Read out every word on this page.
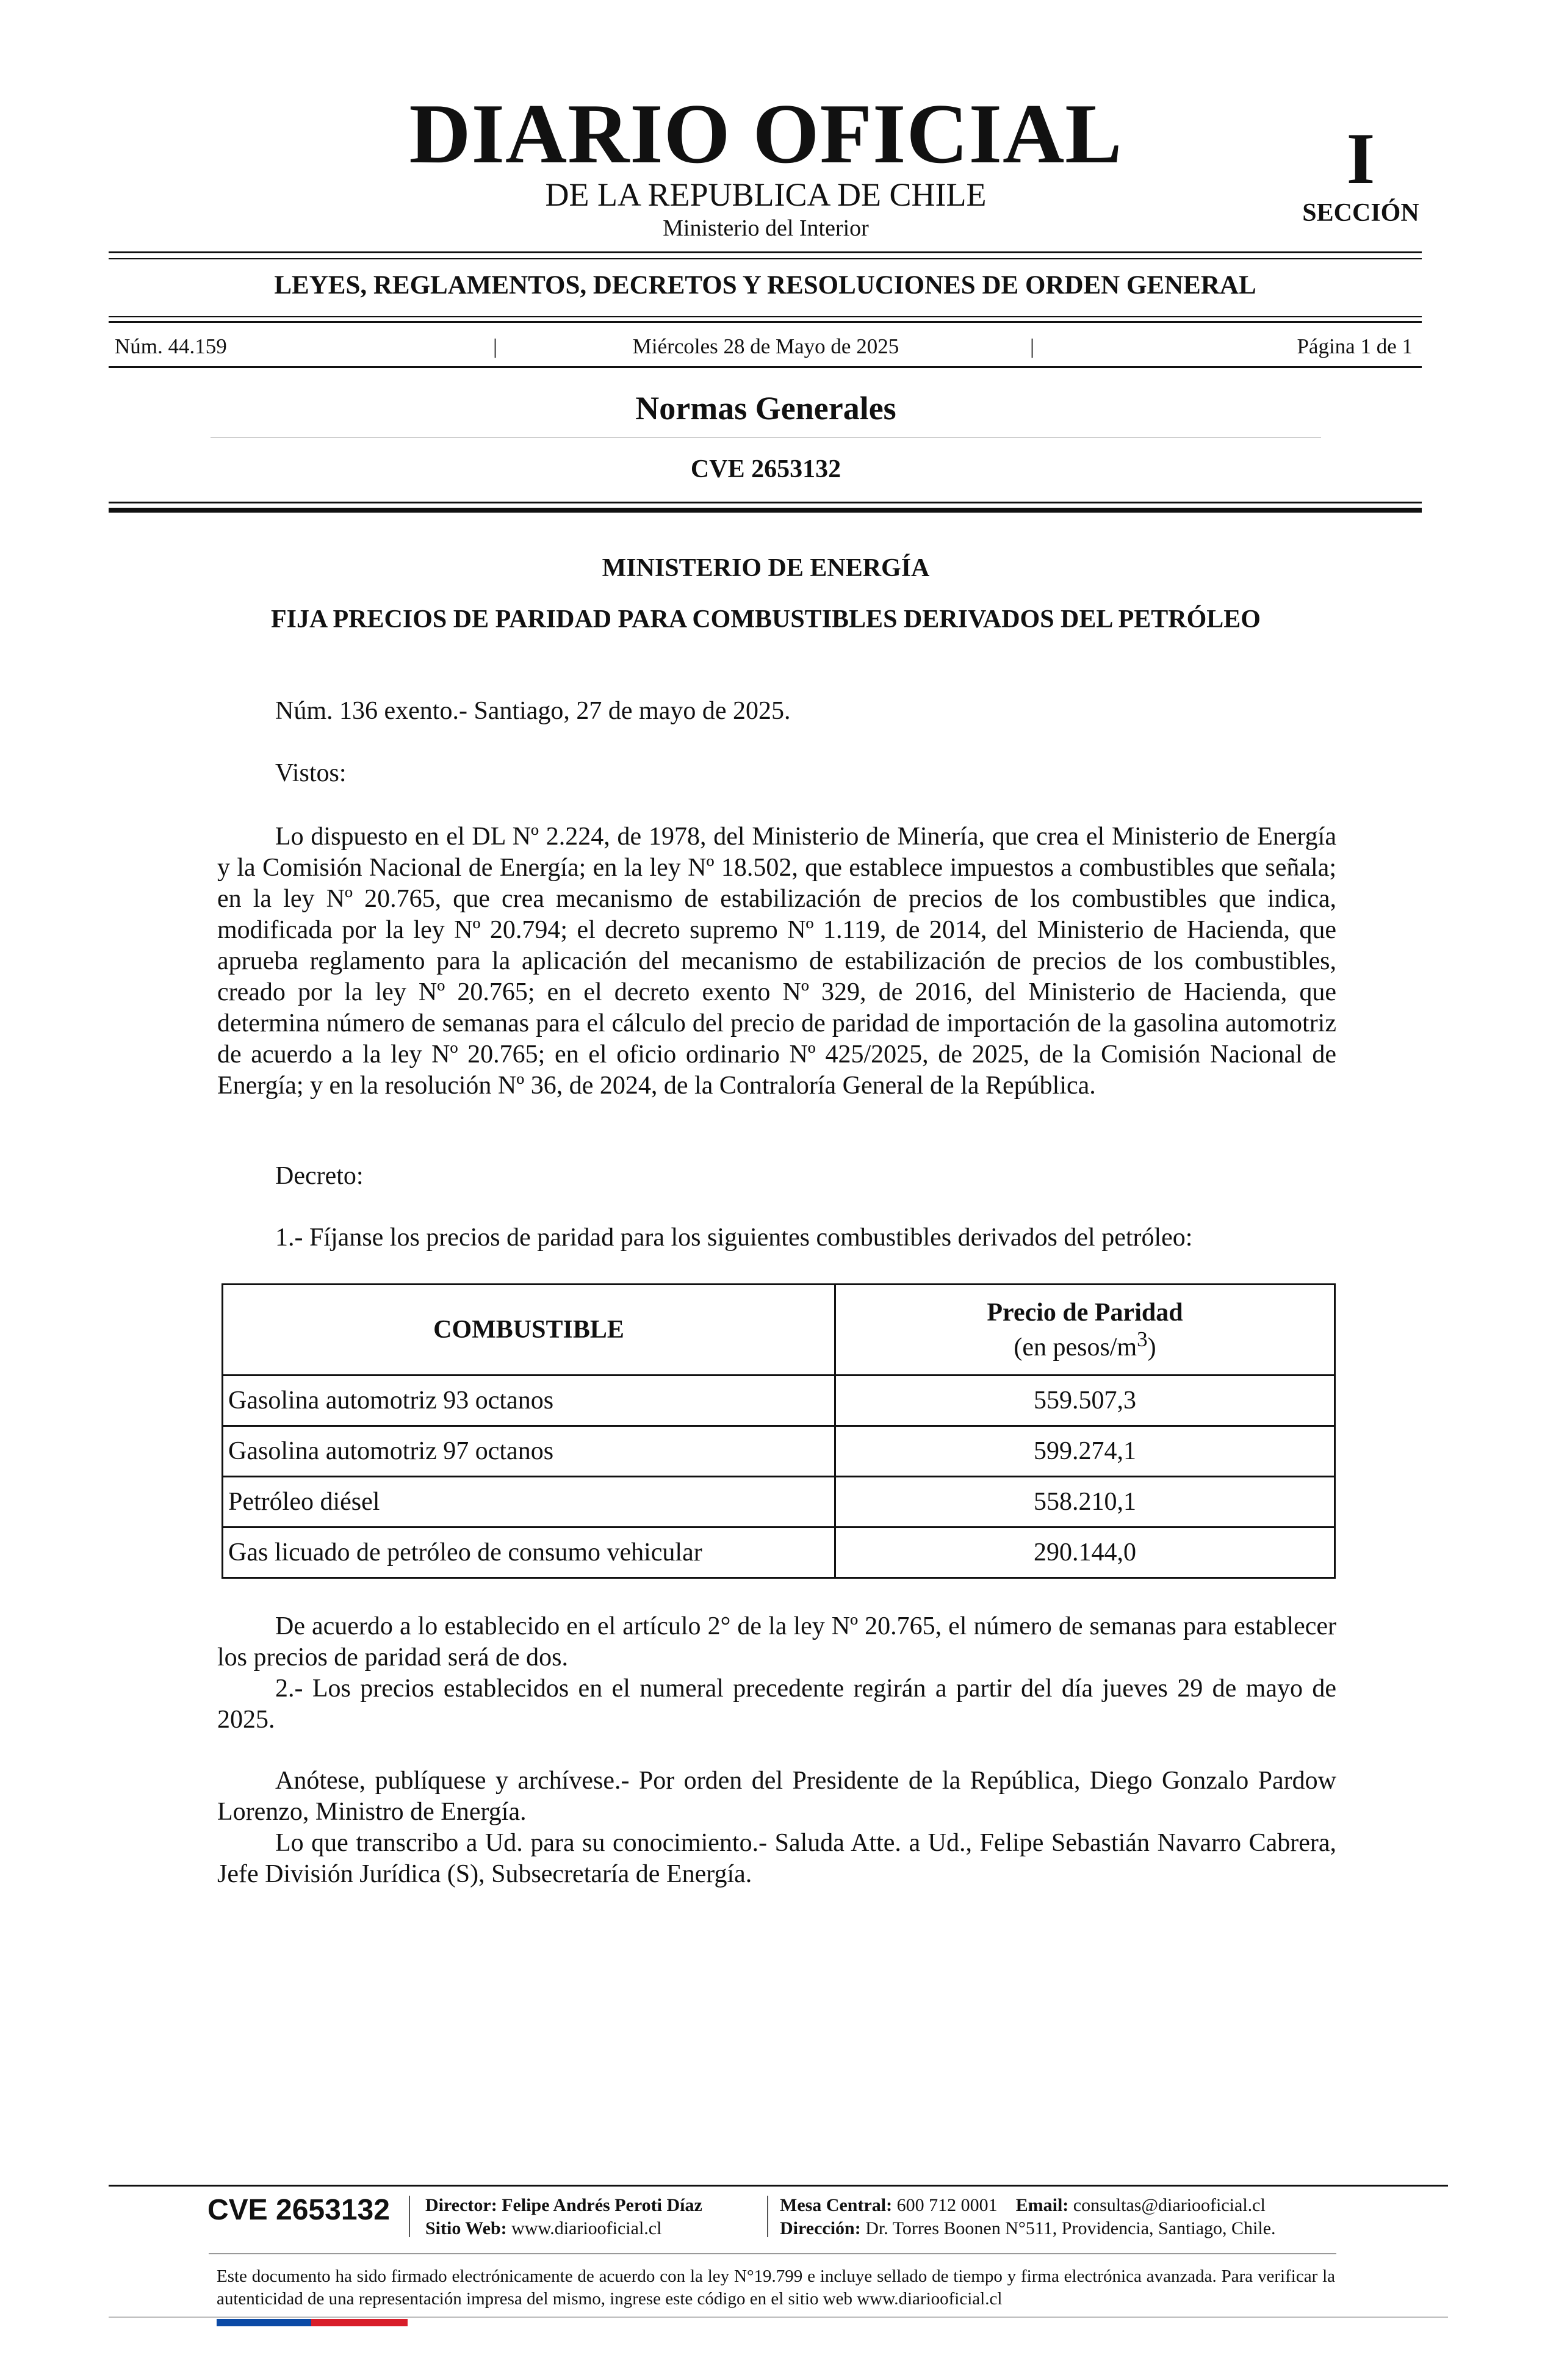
DIARIO OFICIAL
DE LA REPUBLICA DE CHILE
Ministerio del Interior
I
SECCIÓN
LEYES, REGLAMENTOS, DECRETOS Y RESOLUCIONES DE ORDEN GENERAL
Núm. 44.159	|	Miércoles 28 de Mayo de 2025	|	Página 1 de 1
Normas Generales
CVE 2653132
MINISTERIO DE ENERGÍA
FIJA PRECIOS DE PARIDAD PARA COMBUSTIBLES DERIVADOS DEL PETRÓLEO
Núm. 136 exento.- Santiago, 27 de mayo de 2025.
Vistos:
Lo dispuesto en el DL Nº 2.224, de 1978, del Ministerio de Minería, que crea el Ministerio de Energía y la Comisión Nacional de Energía; en la ley Nº 18.502, que establece impuestos a combustibles que señala; en la ley Nº 20.765, que crea mecanismo de estabilización de precios de los combustibles que indica, modificada por la ley Nº 20.794; el decreto supremo Nº 1.119, de 2014, del Ministerio de Hacienda, que aprueba reglamento para la aplicación del mecanismo de estabilización de precios de los combustibles, creado por la ley Nº 20.765; en el decreto exento Nº 329, de 2016, del Ministerio de Hacienda, que determina número de semanas para el cálculo del precio de paridad de importación de la gasolina automotriz de acuerdo a la ley Nº 20.765; en el oficio ordinario Nº 425/2025, de 2025, de la Comisión Nacional de Energía; y en la resolución Nº 36, de 2024, de la Contraloría General de la República.
Decreto:
1.- Fíjanse los precios de paridad para los siguientes combustibles derivados del petróleo:
COMBUSTIBLE	Precio de Paridad
(en pesos/$m^3$)

Gasolina automotriz 93 octanos	559.507,3
Gasolina automotriz 97 octanos	599.274,1
Petróleo diésel	558.210,1
Gas licuado de petróleo de consumo vehicular	290.144,0
De acuerdo a lo establecido en el artículo 2° de la ley Nº 20.765, el número de semanas para establecer los precios de paridad será de dos.
2.- Los precios establecidos en el numeral precedente regirán a partir del día jueves 29 de mayo de 2025.
Anótese, publíquese y archívese.- Por orden del Presidente de la República, Diego Gonzalo Pardow Lorenzo, Ministro de Energía.
Lo que transcribo a Ud. para su conocimiento.- Saluda Atte. a Ud., Felipe Sebastián Navarro Cabrera, Jefe División Jurídica (S), Subsecretaría de Energía.
CVE 2653132 Director: Felipe Andrés Peroti Díaz
Sitio Web: www.diariooficial.cl
Mesa Central: 600 712 0001 Email: consultas@diariooficial.cl
Dirección: Dr. Torres Boonen N°511, Providencia, Santiago, Chile.
Este documento ha sido firmado electrónicamente de acuerdo con la ley N°19.799 e incluye sellado de tiempo y firma electrónica avanzada. Para verificar la autenticidad de una representación impresa del mismo, ingrese este código en el sitio web www.diariooficial.cl
